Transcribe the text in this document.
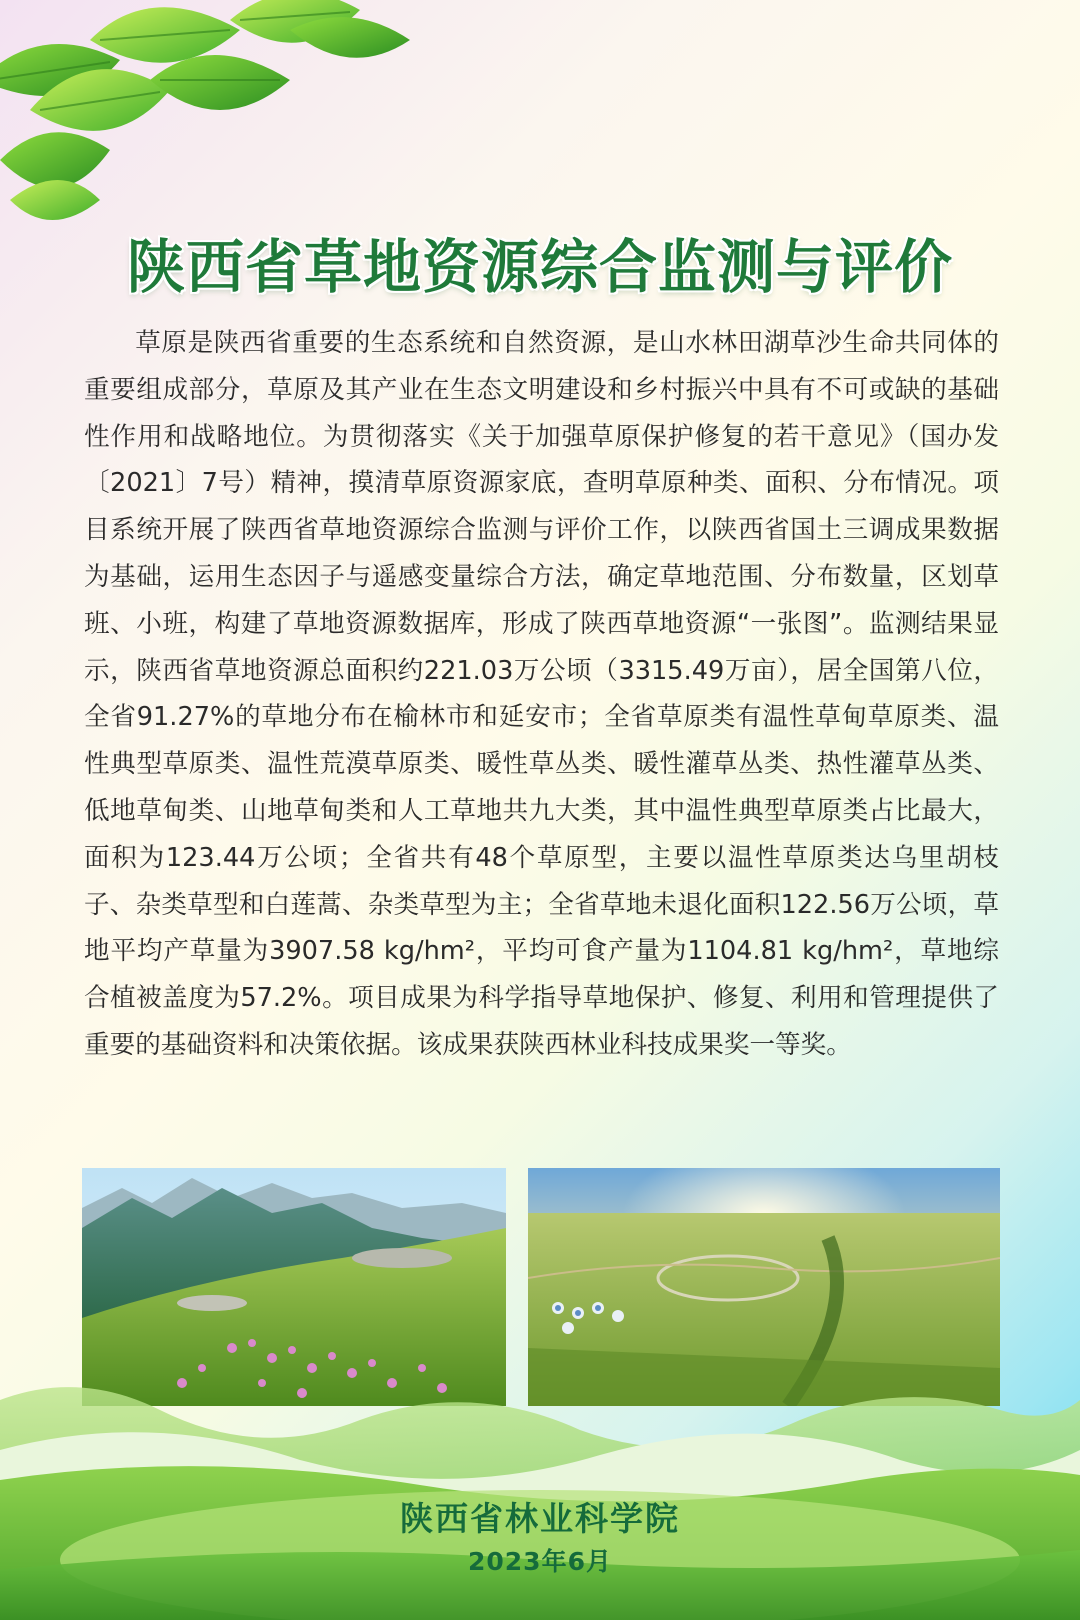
陕西省草地资源综合监测与评价

草原是陕西省重要的生态系统和自然资源，是山水林田湖草沙生命共同体的重要组成部分，草原及其产业在生态文明建设和乡村振兴中具有不可或缺的基础性作用和战略地位。为贯彻落实《关于加强草原保护修复的若干意见》（国办发〔2021〕7号）精神，摸清草原资源家底，查明草原种类、面积、分布情况。项目系统开展了陕西省草地资源综合监测与评价工作，以陕西省国土三调成果数据为基础，运用生态因子与遥感变量综合方法，确定草地范围、分布数量，区划草班、小班，构建了草地资源数据库，形成了陕西草地资源“一张图”。监测结果显示，陕西省草地资源总面积约221.03万公顷（3315.49万亩），居全国第八位，全省91.27%的草地分布在榆林市和延安市；全省草原类有温性草甸草原类、温性典型草原类、温性荒漠草原类、暖性草丛类、暖性灌草丛类、热性灌草丛类、低地草甸类、山地草甸类和人工草地共九大类，其中温性典型草原类占比最大，面积为123.44万公顷；全省共有48个草原型，主要以温性草原类达乌里胡枝子、杂类草型和白莲蒿、杂类草型为主；全省草地未退化面积122.56万公顷，草地平均产草量为3907.58 kg/hm²，平均可食产量为1104.81 kg/hm²，草地综合植被盖度为57.2%。项目成果为科学指导草地保护、修复、利用和管理提供了重要的基础资料和决策依据。该成果获陕西林业科技成果奖一等奖。

陕西省林业科学院
2023年6月
